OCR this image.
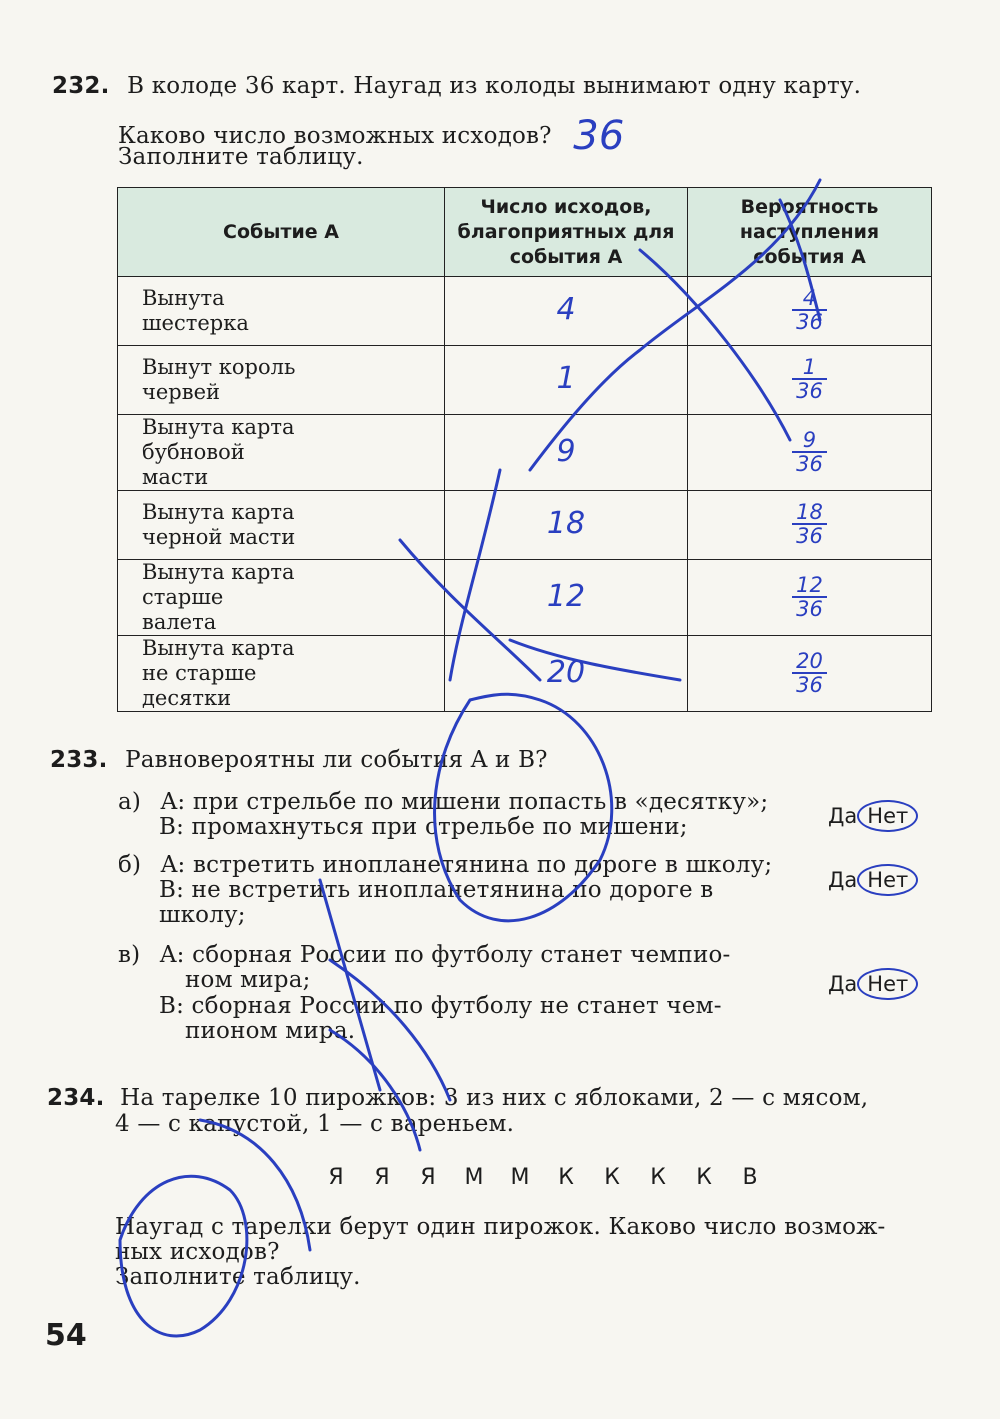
232. В колоде 36 карт. Наугад из колоды вынимают одну карту.
Каково число возможных исходов? 36
Заполните таблицу.
Событие A	Число исходов, благоприятных для события A	Вероятность наступления события A
Вынута шестерка	4	$\frac{4}{36}$

Вынут король червей	1	$\frac{1}{36}$

Вынута карта бубновой масти	9	$\frac{9}{36}$

Вынута карта черной масти	18	$\frac{18}{36}$

Вынута карта старше валета	12	$\frac{12}{36}$

Вынута карта не старше десятки	20	$\frac{20}{36}$
233. Равновероятны ли события A и B?
а) A: при стрельбе по мишени попасть в «десятку»;
B: промахнуться при стрельбе по мишени;	Да Нет
б) A: встретить инопланетянина по дороге в школу;
B: не встретить инопланетянина по дороге в
школу;
Да Нет
в) A: сборная России по футболу станет чемпио-
ном мира;
B: сборная России по футболу не станет чем-
пионом мира.
Да Нет
234. На тарелке 10 пирожков: 3 из них с яблоками, 2 — с мясом,
4 — с капустой, 1 — с вареньем.
Я Я Я М М К К К К В
Наугад с тарелки берут один пирожок. Каково число возмож-
ных исходов?
Заполните таблицу.
54
